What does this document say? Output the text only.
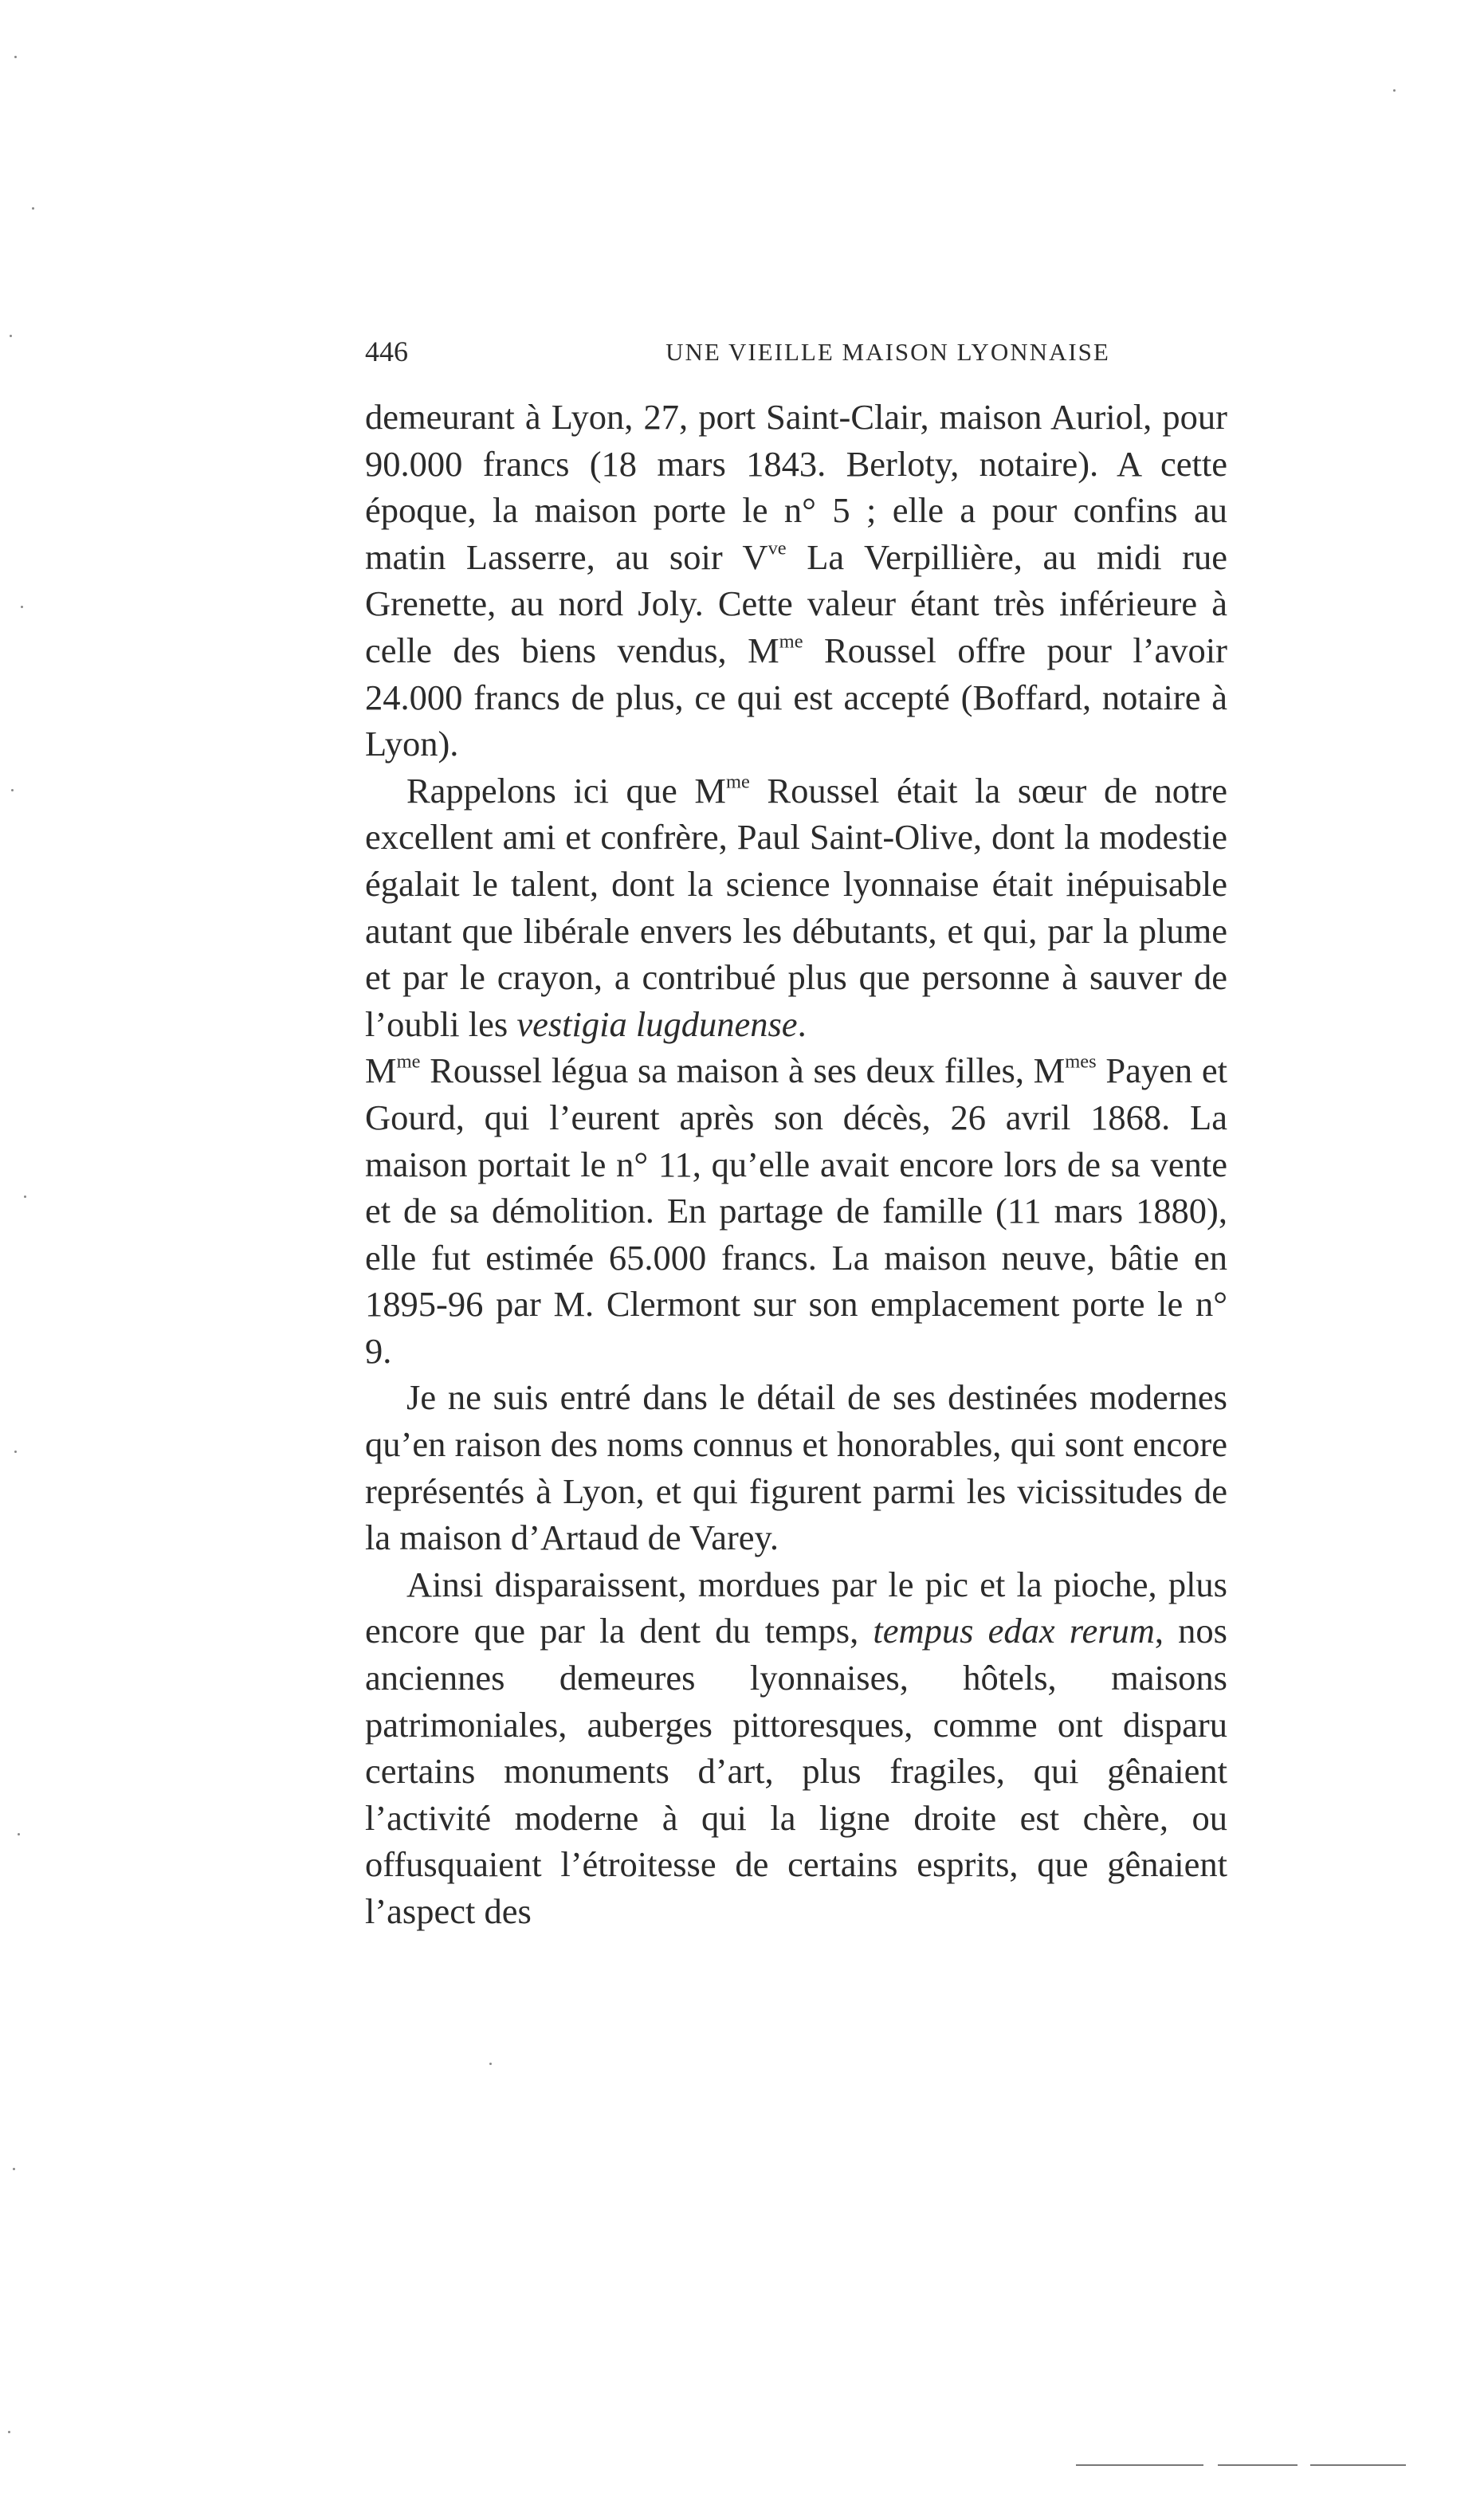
446	UNE VIEILLE MAISON LYONNAISE

demeurant à Lyon, 27, port Saint-Clair, maison Auriol, pour 90.000 francs (18 mars 1843. Berloty, notaire). A cette époque, la maison porte le n° 5 ; elle a pour confins au matin Lasserre, au soir $V^{ve}$ La Verpillière, au midi rue Grenette, au nord Joly. Cette valeur étant très inférieure à celle des biens vendus, $M^{me}$ Roussel offre pour l’avoir 24.000 francs de plus, ce qui est accepté (Boffard, notaire à Lyon).

Rappelons ici que $M^{me}$ Roussel était la sœur de notre excellent ami et confrère, Paul Saint-Olive, dont la modestie égalait le talent, dont la science lyonnaise était inépuisable autant que libérale envers les débutants, et qui, par la plume et par le crayon, a contribué plus que personne à sauver de l’oubli les vestigia lugdunense.

$M^{me}$ Roussel légua sa maison à ses deux filles, $M^{mes}$ Payen et Gourd, qui l’eurent après son décès, 26 avril 1868. La maison portait le n° 11, qu’elle avait encore lors de sa vente et de sa démolition. En partage de famille (11 mars 1880), elle fut estimée 65.000 francs. La maison neuve, bâtie en 1895-96 par M. Clermont sur son emplacement porte le n° 9.

Je ne suis entré dans le détail de ses destinées modernes qu’en raison des noms connus et honorables, qui sont encore représentés à Lyon, et qui figurent parmi les vicissitudes de la maison d’Artaud de Varey.

Ainsi disparaissent, mordues par le pic et la pioche, plus encore que par la dent du temps, tempus edax rerum, nos anciennes demeures lyonnaises, hôtels, maisons patrimoniales, auberges pittoresques, comme ont disparu certains monuments d’art, plus fragiles, qui gênaient l’activité moderne à qui la ligne droite est chère, ou offusquaient l’étroitesse de certains esprits, que gênaient l’aspect des
